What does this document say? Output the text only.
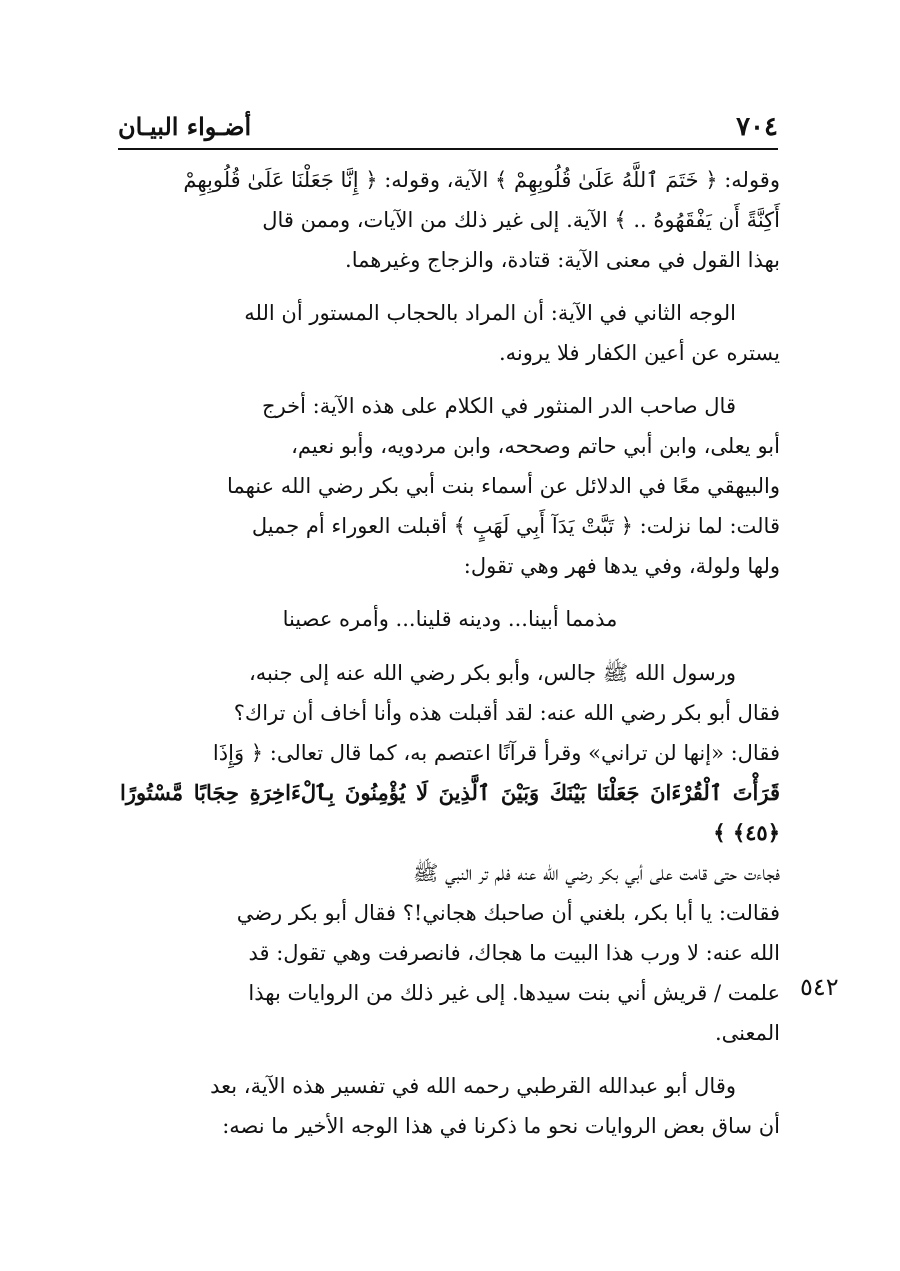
٧٠٤
أضـواء البيـان

وقوله: ﴿ خَتَمَ ٱللَّهُ عَلَىٰ قُلُوبِهِمْ ﴾ الآية، وقوله: ﴿ إِنَّا جَعَلْنَا عَلَىٰ قُلُوبِهِمْ

أَكِنَّةً أَن يَفْقَهُوهُ .. ﴾ الآية. إلى غير ذلك من الآيات، وممن قال

بهذا القول في معنى الآية: قتادة، والزجاج وغيرهما.

الوجه الثاني في الآية: أن المراد بالحجاب المستور أن الله

يستره عن أعين الكفار فلا يرونه.

قال صاحب الدر المنثور في الكلام على هذه الآية: أخرج

أبو يعلى، وابن أبي حاتم وصححه، وابن مردويه، وأبو نعيم،

والبيهقي معًا في الدلائل عن أسماء بنت أبي بكر رضي الله عنهما

قالت: لما نزلت: ﴿ تَبَّتْ يَدَآ أَبِي لَهَبٍ ﴾ أقبلت العوراء أم جميل

ولها ولولة، وفي يدها فهر وهي تقول:

مذمما أبينا... ودينه قلينا... وأمره عصينا

ورسول الله ﷺ جالس، وأبو بكر رضي الله عنه إلى جنبه،

فقال أبو بكر رضي الله عنه: لقد أقبلت هذه وأنا أخاف أن تراك؟

فقال: «إنها لن تراني» وقرأ قرآنًا اعتصم به، كما قال تعالى: ﴿ وَإِذَا

قَرَأْتَ ٱلْقُرْءَانَ جَعَلْنَا بَيْنَكَ وَبَيْنَ ٱلَّذِينَ لَا يُؤْمِنُونَ بِٱلْءَاخِرَةِ حِجَابًا مَّسْتُورًا ﴿٤٥﴾ ﴾

فجاءت حتى قامت على أبي بكر رضي الله عنه فلم تر النبي ﷺ

فقالت: يا أبا بكر، بلغني أن صاحبك هجاني!؟ فقال أبو بكر رضي

الله عنه: لا ورب هذا البيت ما هجاك، فانصرفت وهي تقول: قد

علمت / قريش أني بنت سيدها. إلى غير ذلك من الروايات بهذا

المعنى.

وقال أبو عبدالله القرطبي رحمه الله في تفسير هذه الآية، بعد

أن ساق بعض الروايات نحو ما ذكرنا في هذا الوجه الأخير ما نصه:

٥٤٢
